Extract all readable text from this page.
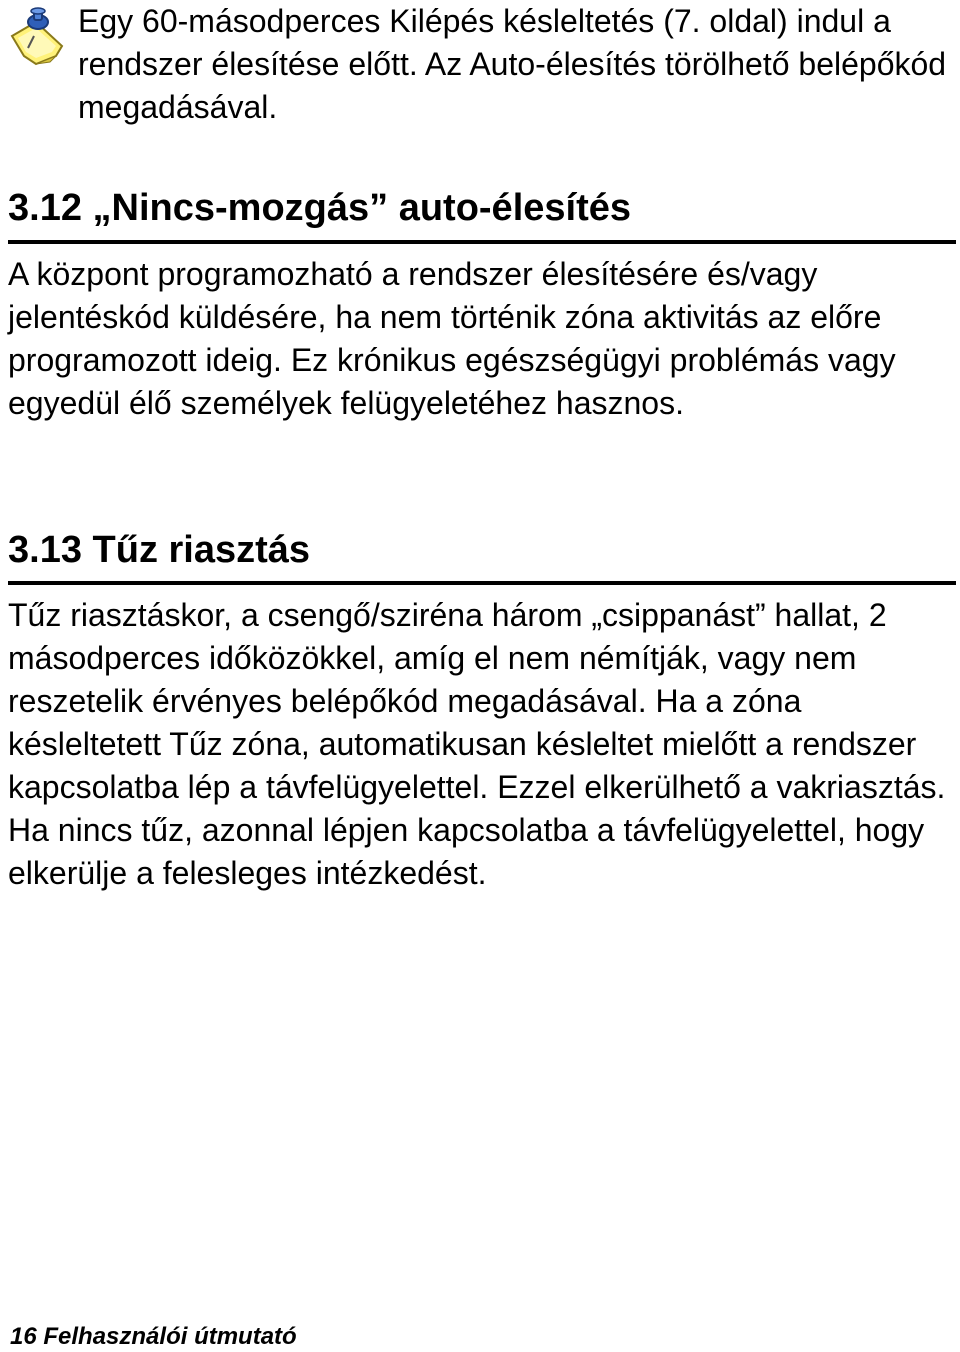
Egy 60-másodperces Kilépés késleltetés (7. oldal) indul a rendszer élesítése előtt. Az Auto-élesítés törölhető belépőkód megadásával.

3.12 „Nincs-mozgás” auto-élesítés

A központ programozható a rendszer élesítésére és/vagy jelentéskód küldésére, ha nem történik zóna aktivitás az előre programozott ideig. Ez krónikus egészségügyi problémás vagy egyedül élő személyek felügyeletéhez hasznos.

3.13 Tűz riasztás

Tűz riasztáskor, a csengő/sziréna három „csippanást” hallat, 2 másodperces időközökkel, amíg el nem némítják, vagy nem reszetelik érvényes belépőkód megadásával. Ha a zóna késleltetett Tűz zóna, automatikusan késleltet mielőtt a rendszer kapcsolatba lép a távfelügyelettel. Ezzel elkerülhető a vakriasztás. Ha nincs tűz, azonnal lépjen kapcsolatba a távfelügyelettel, hogy elkerülje a felesleges intézkedést.

16 Felhasználói útmutató
